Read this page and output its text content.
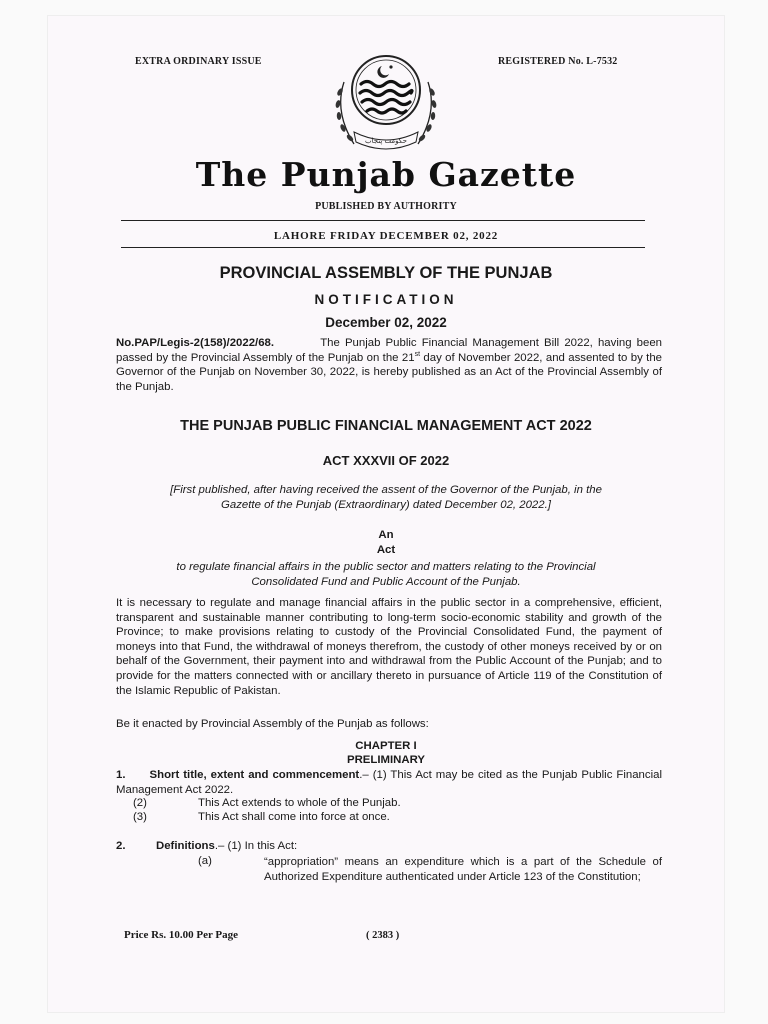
EXTRA ORDINARY ISSUE	REGISTERED No. L-7532
حکومت پنجاب
The Punjab Gazette
PUBLISHED BY AUTHORITY
LAHORE FRIDAY DECEMBER 02, 2022
PROVINCIAL ASSEMBLY OF THE PUNJAB
NOTIFICATION
December 02, 2022
No.PAP/Legis-2(158)/2022/68.	The Punjab Public Financial Management Bill 2022, having been passed by the Provincial Assembly of the Punjab on the 21st day of November 2022, and assented to by the Governor of the Punjab on November 30, 2022, is hereby published as an Act of the Provincial Assembly of the Punjab.
THE PUNJAB PUBLIC FINANCIAL MANAGEMENT ACT 2022
ACT XXXVII OF 2022
[First published, after having received the assent of the Governor of the Punjab, in the
Gazette of the Punjab (Extraordinary) dated December 02, 2022.]
An
Act
to regulate financial affairs in the public sector and matters relating to the Provincial
Consolidated Fund and Public Account of the Punjab.
It is necessary to regulate and manage financial affairs in the public sector in a comprehensive, efficient, transparent and sustainable manner contributing to long-term socio-economic stability and growth of the Province; to make provisions relating to custody of the Provincial Consolidated Fund, the payment of moneys into that Fund, the withdrawal of moneys therefrom, the custody of other moneys received by or on behalf of the Government, their payment into and withdrawal from the Public Account of the Punjab; and to provide for the matters connected with or ancillary thereto in pursuance of Article 119 of the Constitution of the Islamic Republic of Pakistan.
Be it enacted by Provincial Assembly of the Punjab as follows:
CHAPTER I
PRELIMINARY
1. Short title, extent and commencement.– (1) This Act may be cited as the Punjab Public Financial Management Act 2022.
(2)	This Act extends to whole of the Punjab.
(3)	This Act shall come into force at once.
2.	Definitions.– (1) In this Act:
(a)	“appropriation” means an expenditure which is a part of the Schedule of Authorized Expenditure authenticated under Article 123 of the Constitution;
Price Rs. 10.00 Per Page	( 2383 )
